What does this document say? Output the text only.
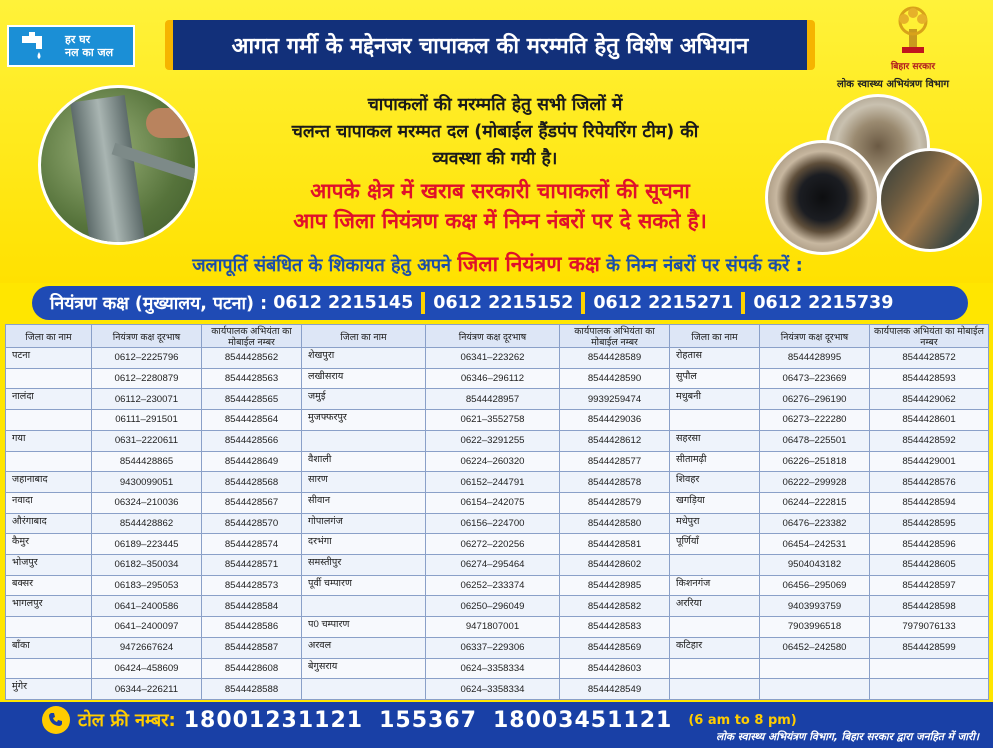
हर घर
नल का जल	आगत गर्मी के मद्देनजर चापाकल की मरम्मति हेतु विशेष अभियान
बिहार सरकार
लोक स्वास्थ्य अभियंत्रण विभाग
चापाकलों की मरम्मति हेतु सभी जिलों में
चलन्त चापाकल मरम्मत दल (मोबाईल हैंडपंप रिपेयरिंग टीम) की
व्यवस्था की गयी है।
आपके क्षेत्र में खराब सरकारी चापाकलों की सूचना
आप जिला नियंत्रण कक्ष में निम्न नंबरों पर दे सकते है।
जलापूर्ति संबंधित के शिकायत हेतु अपने जिला नियंत्रण कक्ष के निम्न नंबरों पर संपर्क करें :
नियंत्रण कक्ष (मुख्यालय, पटना) :
0612 2215145 0612 2215152 0612 2215271 0612 2215739
जिला का नाम	नियंत्रण कक्ष दूरभाष	कार्यपालक अभियंता का मोबाईल नम्बर	जिला का नाम	नियंत्रण कक्ष दूरभाष	कार्यपालक अभियंता का मोबाईल नम्बर	जिला का नाम	नियंत्रण कक्ष दूरभाष	कार्यपालक अभियंता का मोबाईल नम्बर
पटना	0612–2225796	8544428562	शेखपुरा	06341–223262	8544428589	रोहतास	8544428995	8544428572
	0612–2280879	8544428563	लखीसराय	06346–296112	8544428590	सुपौल	06473–223669	8544428593
नालंदा	06112–230071	8544428565	जमुई	8544428957	9939259474	मधुबनी	06276–296190	8544429062
	06111–291501	8544428564	मुजफ्फरपुर	0621–3552758	8544429036		06273–222280	8544428601
गया	0631–2220611	8544428566		0622–3291255	8544428612	सहरसा	06478–225501	8544428592
	8544428865	8544428649	वैशाली	06224–260320	8544428577	सीतामढ़ी	06226–251818	8544429001
जहानाबाद	9430099051	8544428568	सारण	06152–244791	8544428578	शिवहर	06222–299928	8544428576
नवादा	06324–210036	8544428567	सीवान	06154–242075	8544428579	खगड़िया	06244–222815	8544428594
औरंगाबाद	8544428862	8544428570	गोपालगंज	06156–224700	8544428580	मधेपुरा	06476–223382	8544428595
कैमुर	06189–223445	8544428574	दरभंगा	06272–220256	8544428581	पूर्णियाँ	06454–242531	8544428596
भोजपुर	06182–350034	8544428571	समस्तीपुर	06274–295464	8544428602		9504043182	8544428605
बक्सर	06183–295053	8544428573	पूर्वी चम्पारण	06252–233374	8544428985	किशनगंज	06456–295069	8544428597
भागलपुर	0641–2400586	8544428584		06250–296049	8544428582	अररिया	9403993759	8544428598
	0641–2400097	8544428586	प0 चम्पारण	9471807001	8544428583		7903996518	7979076133
बाँका	9472667624	8544428587	अरवल	06337–229306	8544428569	कटिहार	06452–242580	8544428599
	06424–458609	8544428608	बेगुसराय	0624–3358334	8544428603			
मुंगेर	06344–226211	8544428588		0624–3358334	8544428549			
टोल फ्री नम्बर: 18001231121 155367 18003451121 (6 am to 8 pm)
लोक स्वास्थ्य अभियंत्रण विभाग, बिहार सरकार द्वारा जनहित में जारी।
